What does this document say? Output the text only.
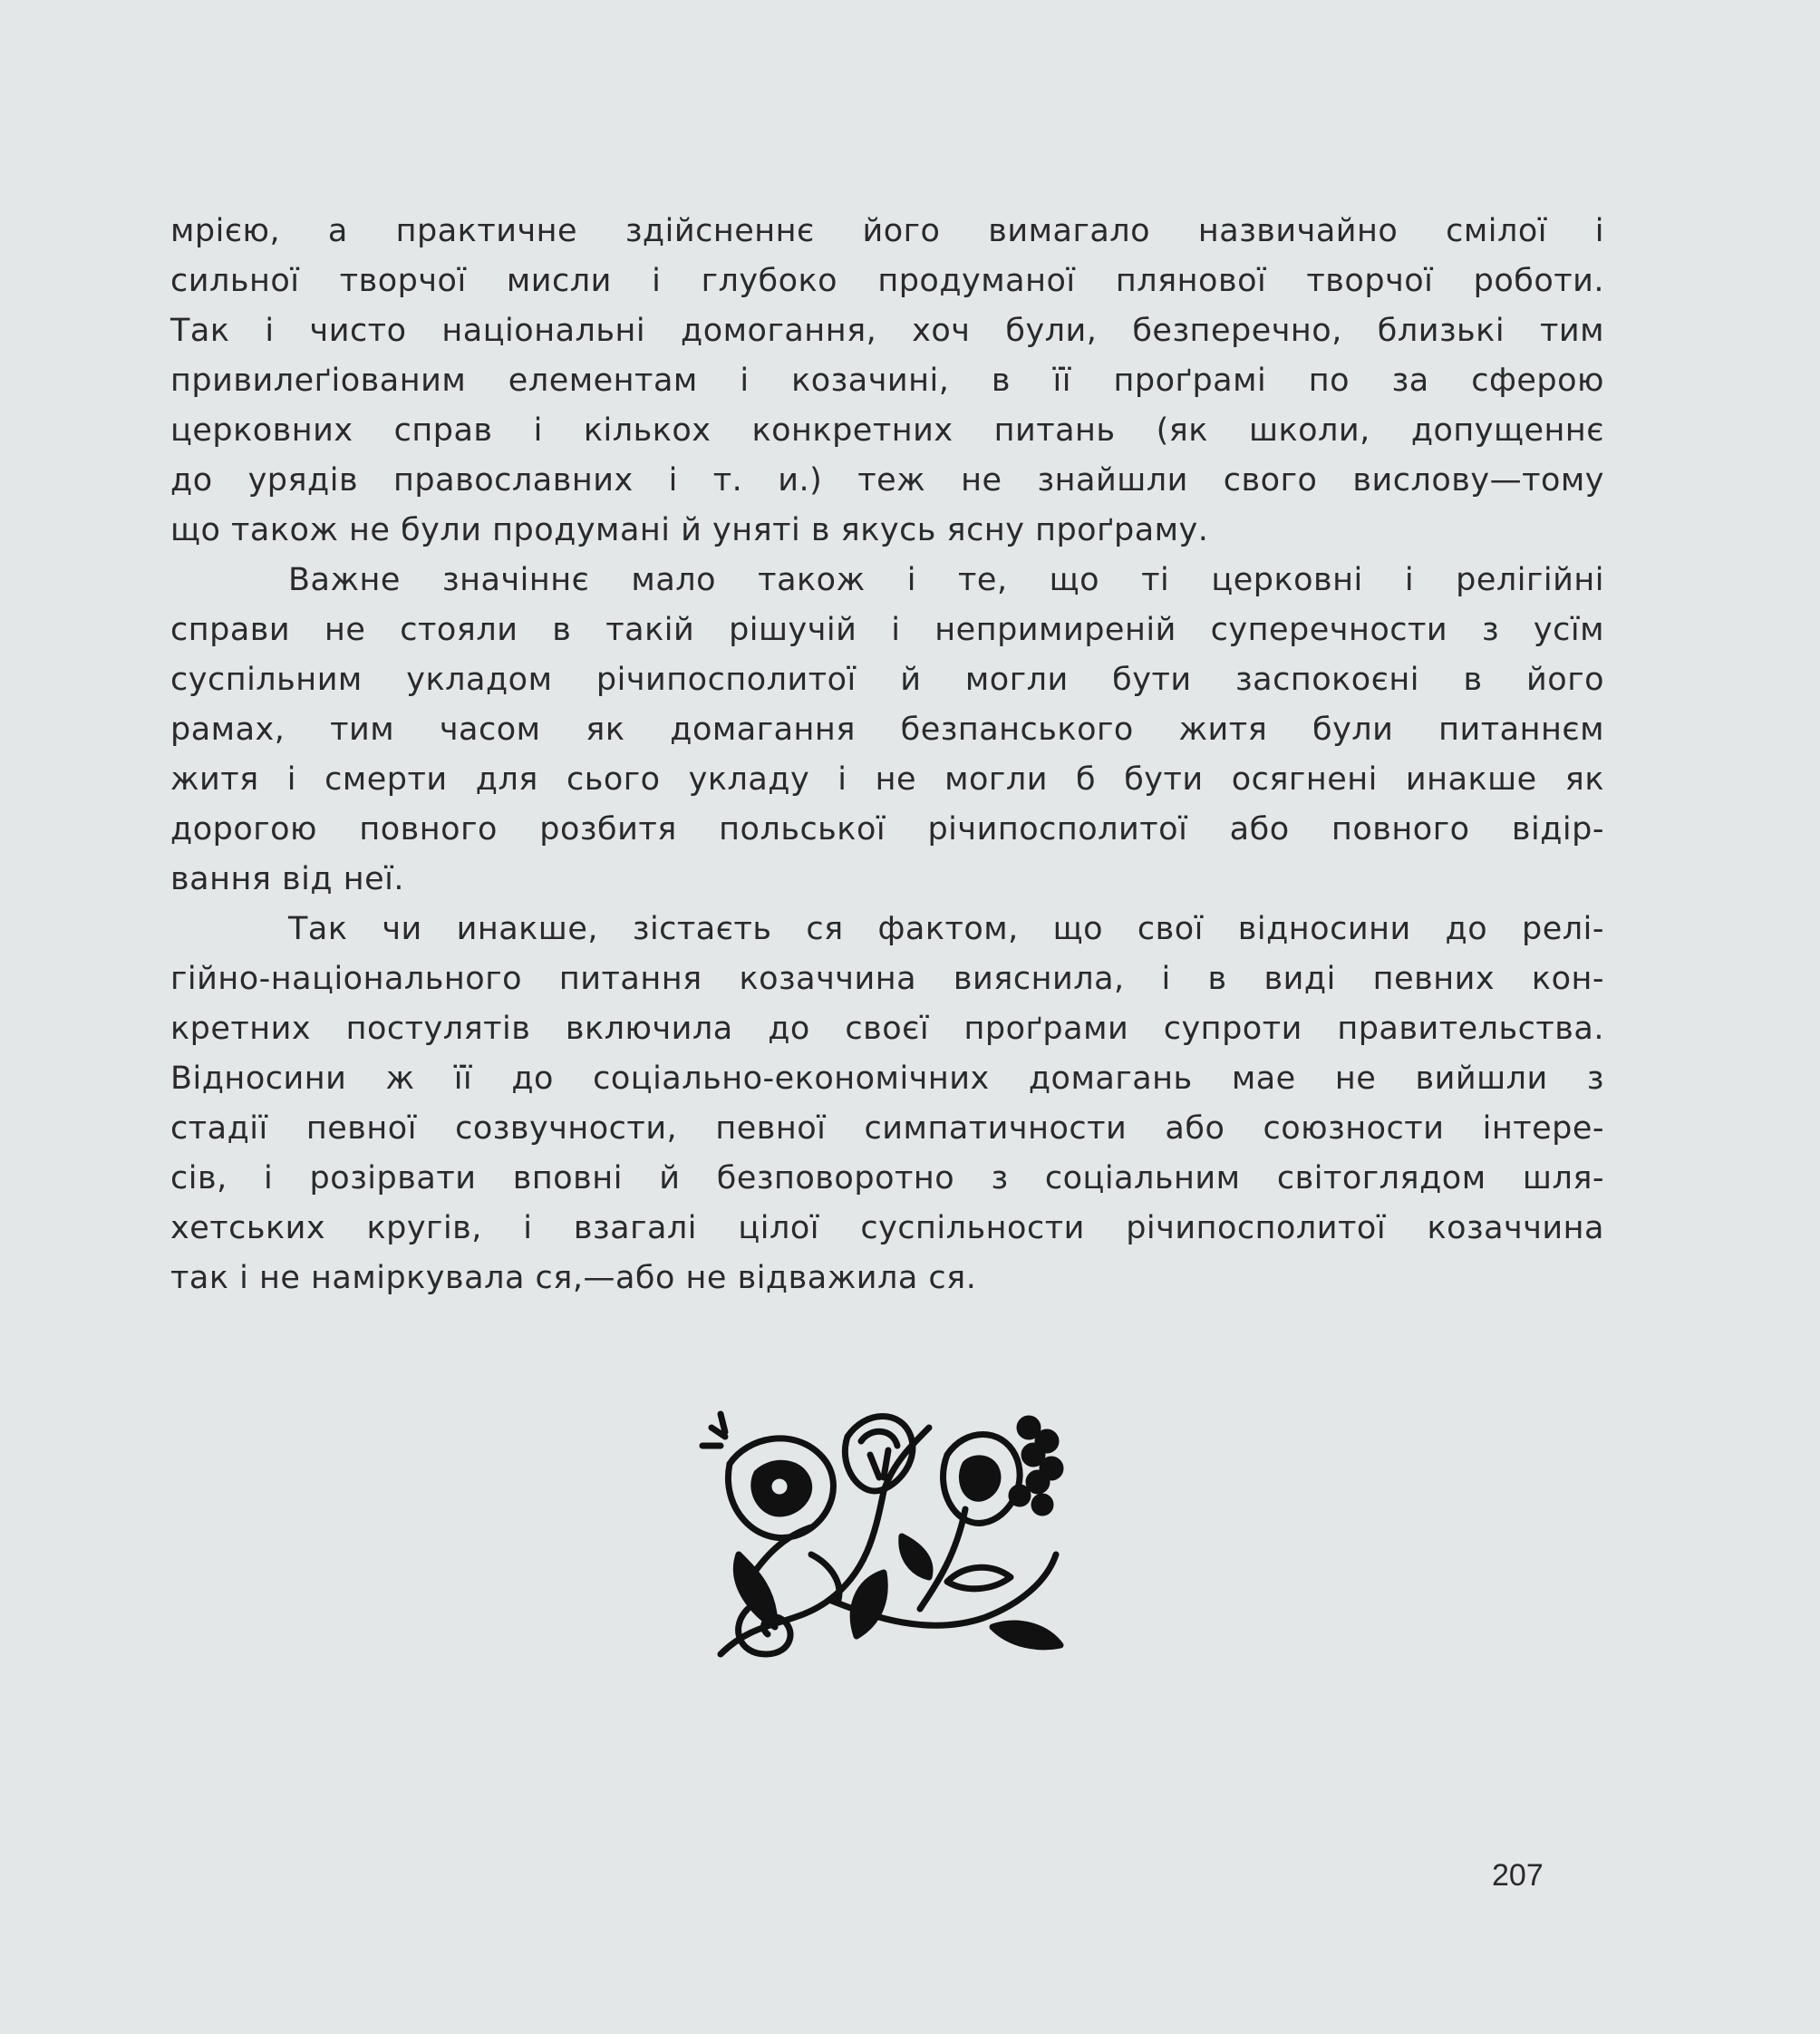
мрією, а практичне здійсненнє його вимагало назвичайно смілої і
сильної творчої мисли і глубоко продуманої плянової творчої роботи.
Так і чисто національні домогання, хоч були, безперечно, близькі тим
привилеґіованим елементам і козачині, в її проґрамі по за сферою
церковних справ і кількох конкретних питань (як школи, допущеннє
до урядів православних і т. и.) теж не знайшли свого вислову—тому
що також не були продумані й уняті в якусь ясну проґраму.
Важне значіннє мало також і те, що ті церковні і релігійні
справи не стояли в такій рішучій і непримиреній суперечности з усїм
суспільним укладом річипосполитої й могли бути заспокоєні в його
рамах, тим часом як домагання безпанського житя були питаннєм
житя і смерти для сього укладу і не могли б бути осягнені инакше як
дорогою повного розбитя польської річипосполитої або повного відір-
вання від неї.
Так чи инакше, зістаєть ся фактом, що свої відносини до релі-
гійно-національного питання козаччина вияснила, і в виді певних кон-
кретних постулятів включила до своєї проґрами супроти правительства.
Відносини ж її до соціально-економічних домагань мае не вийшли з
стадії певної созвучности, певної симпатичности або союзности інтере-
сів, і розірвати вповні й безповоротно з соціальним світоглядом шля-
хетських кругів, і взагалі цілої суспільности річипосполитої козаччина
так і не наміркувала ся,—або не відважила ся.
207
